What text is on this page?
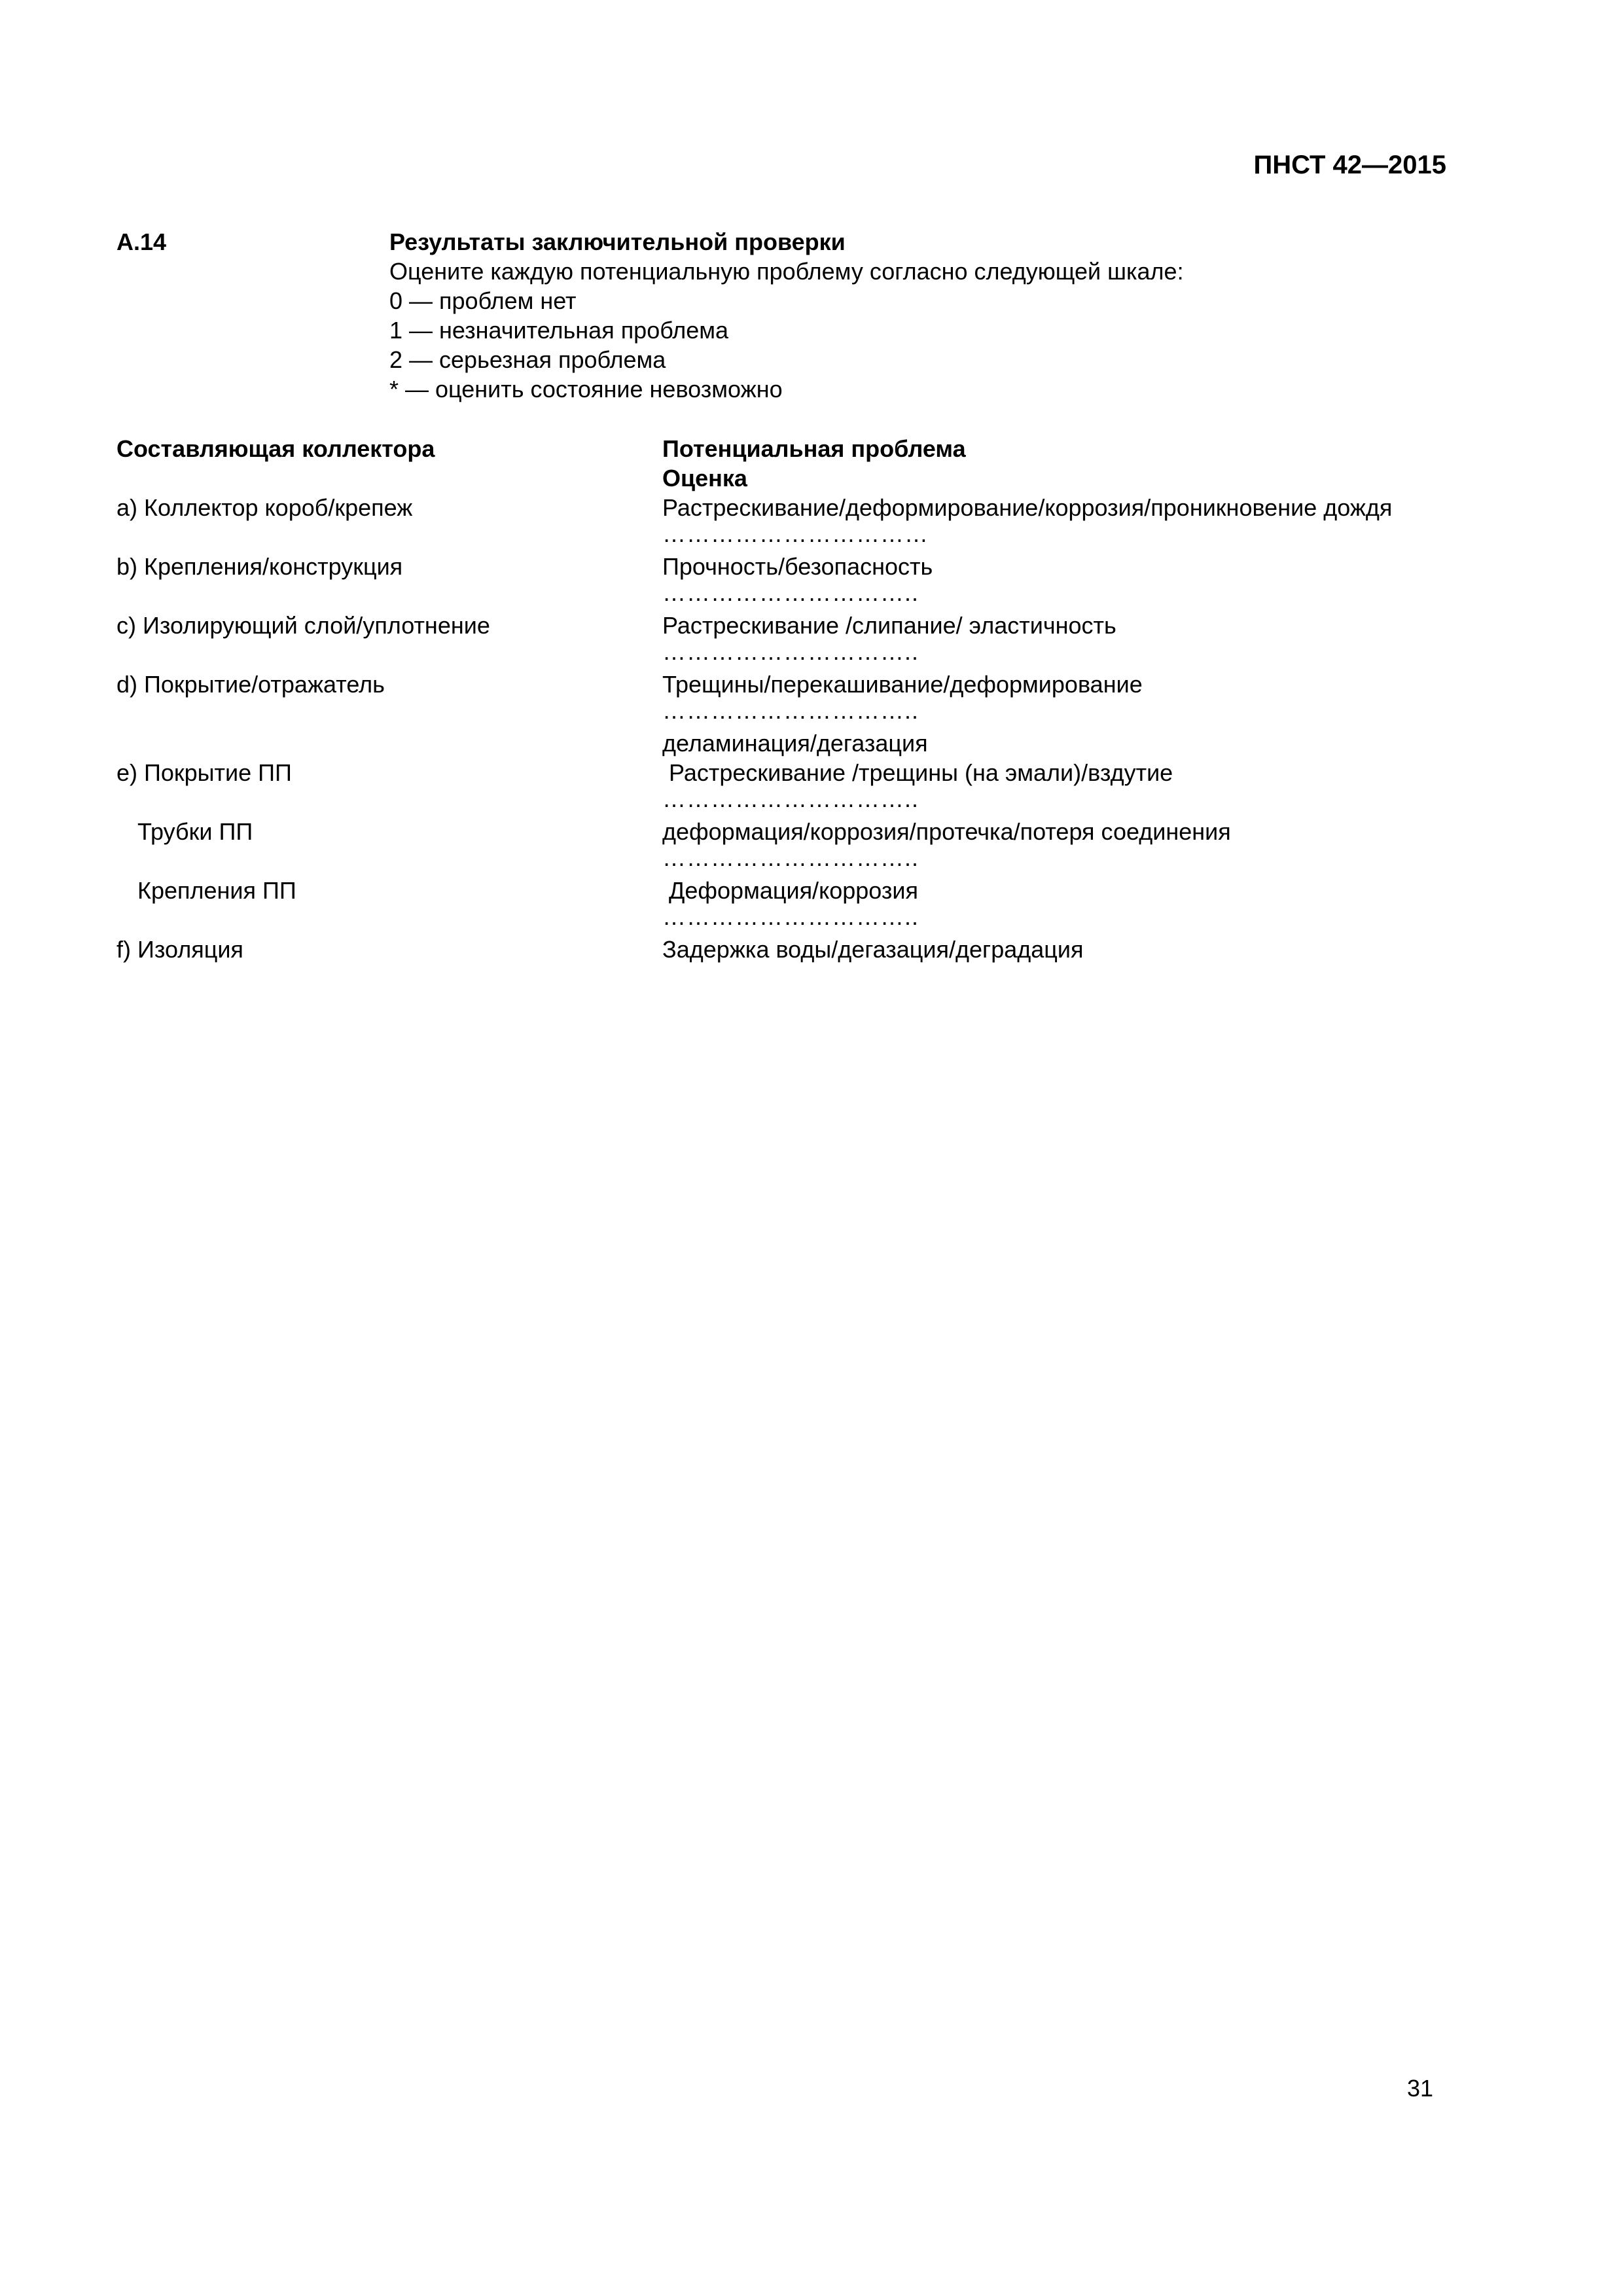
ПНСТ 42—2015
А.14	Результаты заключительной проверки
Оцените каждую потенциальную проблему согласно следующей шкале:
0 — проблем нет
1 — незначительная проблема
2 — серьезная проблема
* — оценить состояние невозможно
Составляющая коллектора	Потенциальная проблема
Оценка
a) Коллектор короб/крепеж	Растрескивание/деформирование/коррозия/проникновение дождя
……………………………
b) Крепления/конструкция	Прочность/безопасность
…………………………..
c) Изолирующий слой/уплотнение	Растрескивание /слипание/ эластичность
…………………………..
d) Покрытие/отражатель	Трещины/перекашивание/деформирование
…………………………..
деламинация/дегазация
e) Покрытие ПП	Растрескивание /трещины (на эмали)/вздутие
…………………………..
Трубки ПП	деформация/коррозия/протечка/потеря соединения
…………………………..
Крепления ПП	Деформация/коррозия
…………………………..
f) Изоляция	Задержка воды/дегазация/деградация
31
